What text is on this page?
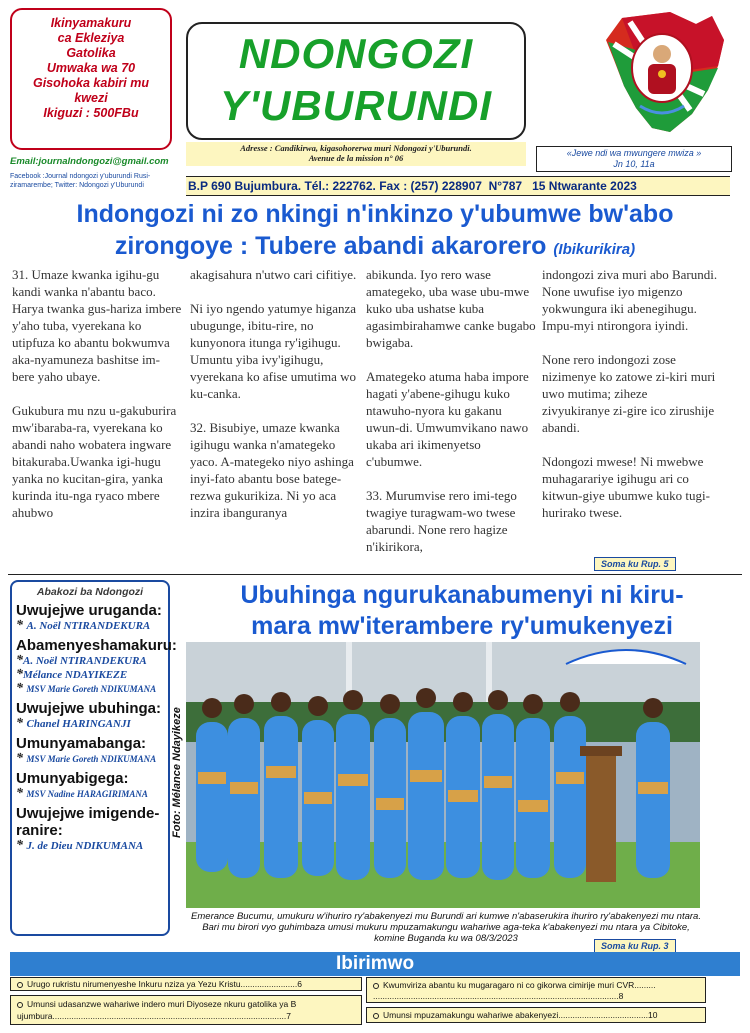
Ikinyamakuru

ca Ekleziya

Gatolika

Umwaka wa 70

Gisohoka kabiri mu

kwezi

Ikiguzi : 500FBu

Email:journalndongozi@gmail.com
Facebook :Journal ndongozi y'uburundi Rusi-ziramarembe; Twitter: Ndongozi y'Uburundi
NDONGOZI
Y'UBURUNDI
Adresse : Candikirwa, kigasohorerwa muri Ndongozi y'Uburundi.
Avenue de la mission n° 06	«Jewe ndi wa mwungere mwiza »
Jn 10, 11a
B.P 690 Bujumbura. Tél.: 222762. Fax : (257) 228907 N°787 15 Ntwarante 2023
Indongozi ni zo nkingi n'inkinzo y'ubumwe bw'abo
zirongoye : Tubere abandi akarorero (Ibikurikira)

31. Umaze kwanka igihu-gu kandi wanka n'abantu baco. Harya twanka gus-hariza imbere y'aho tuba, vyerekana ko utipfuza ko abantu bokwumva aka-nyamuneza bashitse im-bere yaho ubaye.

Gukubura mu nzu u-gakuburira mw'ibaraba-ra, vyerekana ko abandi naho wobatera ingware bitakuraba.Uwanka igi-hugu yanka no kucitan-gira, yanka kurinda itu-nga ryaco mbere ahubwo

akagisahura n'utwo cari cifitiye.

Ni iyo ngendo yatumye higanza ubugunge, ibitu-rire, no kunyonora itunga ry'igihugu. Umuntu yiba ivy'igihugu, vyerekana ko afise umutima wo ku-canka.

32. Bisubiye, umaze kwanka igihugu wanka n'amategeko yaco. A-mategeko niyo ashinga inyi-fato abantu bose batege-rezwa gukurikiza. Ni yo aca inzira ibanguranya

abikunda. Iyo rero wase amategeko, uba wase ubu-mwe kuko uba ushatse kuba agasimbirahamwe canke bugabo bwigaba.

Amategeko atuma haba impore hagati y'abene-gihugu kuko ntawuho-nyora ku gakanu uwun-di. Umwumvikano nawo ukaba ari ikimenyetso c'ubumwe.

33. Murumvise rero imi-tego twagiye turagwam-wo twese abarundi. None rero hagize n'ikirikora,

indongozi ziva muri abo Barundi. None uwufise iyo migenzo yokwungura iki abenegihugu. Impu-myi ntirongora iyindi.

None rero indongozi zose nizimenye ko zatowe zi-kiri muri uwo mutima; ziheze zivyukiranye zi-gire ico zirushije abandi.

Ndongozi mwese! Ni mwebwe muhagarariye igihugu ari co kitwun-giye ubumwe kuko tugi-hurirako twese.

Soma ku Rup. 5
Abakozi ba Ndongozi
Uwujejwe uruganda:
* A. Noël NTIRANDEKURA
Abamenyeshamakuru:
*A. Noël NTIRANDEKURA
*Mélance NDAYIKEZE
* MSV Marie Goreth NDIKUMANA
Uwujejwe ubuhinga:
* Chanel HARINGANJI
Umunyamabanga:
* MSV Marie Goreth NDIKUMANA
Umunyabigega:
* MSV Nadine HARAGIRIMANA
Uwujejwe imigende-ranire:
* J. de Dieu NDIKUMANA
Ubuhinga ngurukanabumenyi ni kiru-
mara mw'iterambere ry'umukenyezi
Foto: Mélance Ndayikeze
Emerance Bucumu, umukuru w'ihuriro ry'abakenyezi mu Burundi ari kumwe n'abaserukira ihuriro ry'abakenyezi mu ntara. Bari mu birori vyo guhimbaza umusi mukuru mpuzamakungu wahariwe aga-teka k'abakenyezi mu ntara ya Cibitoke, komine Buganda ku wa 08/3/2023
Soma ku Rup. 3
Ibirimwo
Urugo rukristu nirumenyeshe Inkuru nziza ya Yezu Kristu........................6
Umunsi udasanzwe wahariwe indero muri Diyoseze nkuru gatolika ya B ujumbura...................................................................................................7
Kwumviriza abantu ku mugaragaro ni co gikorwa cimirije muri CVR......... ........................................................................................................8
Umunsi mpuzamakungu wahariwe abakenyezi......................................10
